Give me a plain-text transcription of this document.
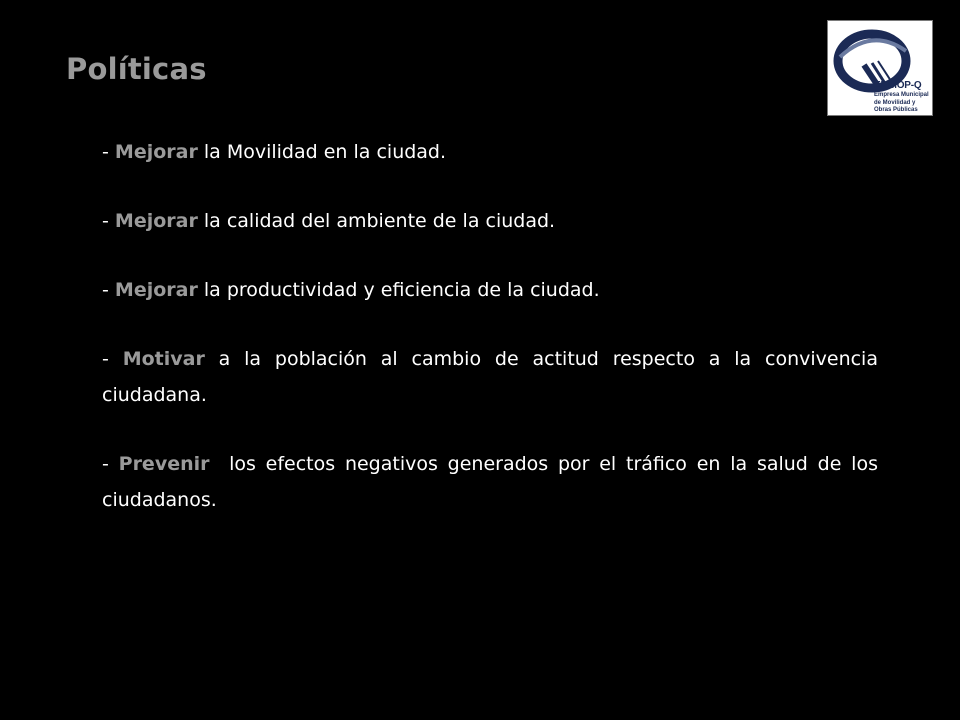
Políticas	EMMOP-Q
Empresa Municipal
de Movilidad y
Obras Públicas

- Mejorar la Movilidad en la ciudad.

- Mejorar la calidad del ambiente de la ciudad.

- Mejorar la productividad y eficiencia de la ciudad.

- Motivar a la población al cambio de actitud respecto a la convivencia ciudadana.

- Prevenir  los efectos negativos generados por el tráfico en la salud de los ciudadanos.
